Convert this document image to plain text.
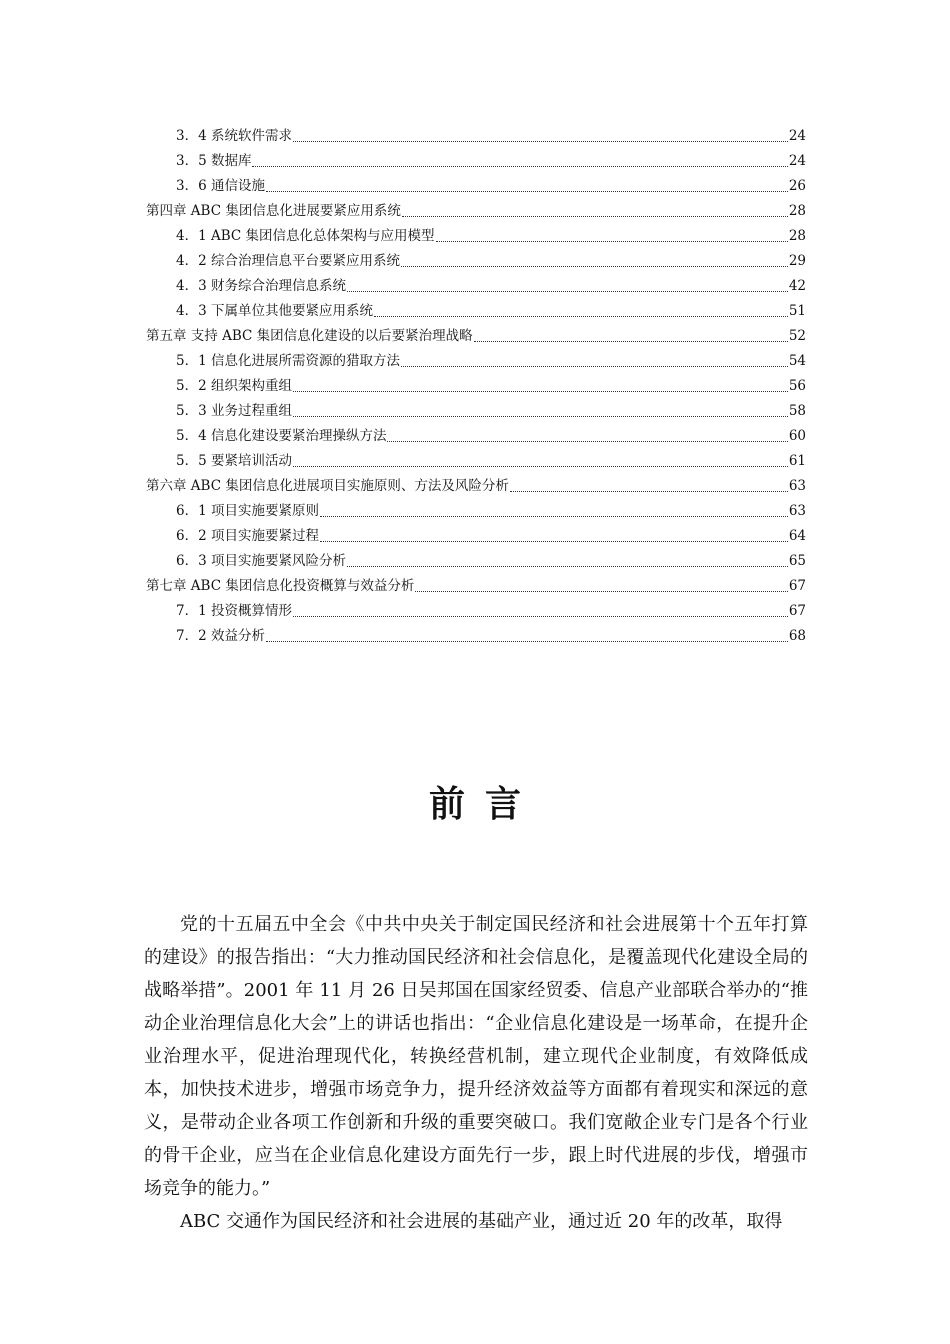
3．4 系统软件需求	24
3．5 数据库	24
3．6 通信设施	26
第四章 ABC 集团信息化进展要紧应用系统	28
4．1 ABC 集团信息化总体架构与应用模型	28
4．2 综合治理信息平台要紧应用系统	29
4．3 财务综合治理信息系统	42
4．3 下属单位其他要紧应用系统	51
第五章 支持 ABC 集团信息化建设的以后要紧治理战略	52
5．1 信息化进展所需资源的猎取方法	54
5．2 组织架构重组	56
5．3 业务过程重组	58
5．4 信息化建设要紧治理操纵方法	60
5．5 要紧培训活动	61
第六章 ABC 集团信息化进展项目实施原则、方法及风险分析	63
6．1 项目实施要紧原则	63
6．2 项目实施要紧过程	64
6．3 项目实施要紧风险分析	65
第七章 ABC 集团信息化投资概算与效益分析	67
7．1 投资概算情形	67
7．2 效益分析	68
前言

党的十五届五中全会《中共中央关于制定国民经济和社会进展第十个五年打算的建设》的报告指出：“大力推动国民经济和社会信息化，是覆盖现代化建设全局的战略举措”。2001 年 11 月 26 日吴邦国在国家经贸委、信息产业部联合举办的“推动企业治理信息化大会”上的讲话也指出：“企业信息化建设是一场革命，在提升企业治理水平，促进治理现代化，转换经营机制，建立现代企业制度，有效降低成本，加快技术进步，增强市场竞争力，提升经济效益等方面都有着现实和深远的意义，是带动企业各项工作创新和升级的重要突破口。我们宽敞企业专门是各个行业的骨干企业，应当在企业信息化建设方面先行一步，跟上时代进展的步伐，增强市场竞争的能力。”

ABC 交通作为国民经济和社会进展的基础产业，通过近 20 年的改革，取得
